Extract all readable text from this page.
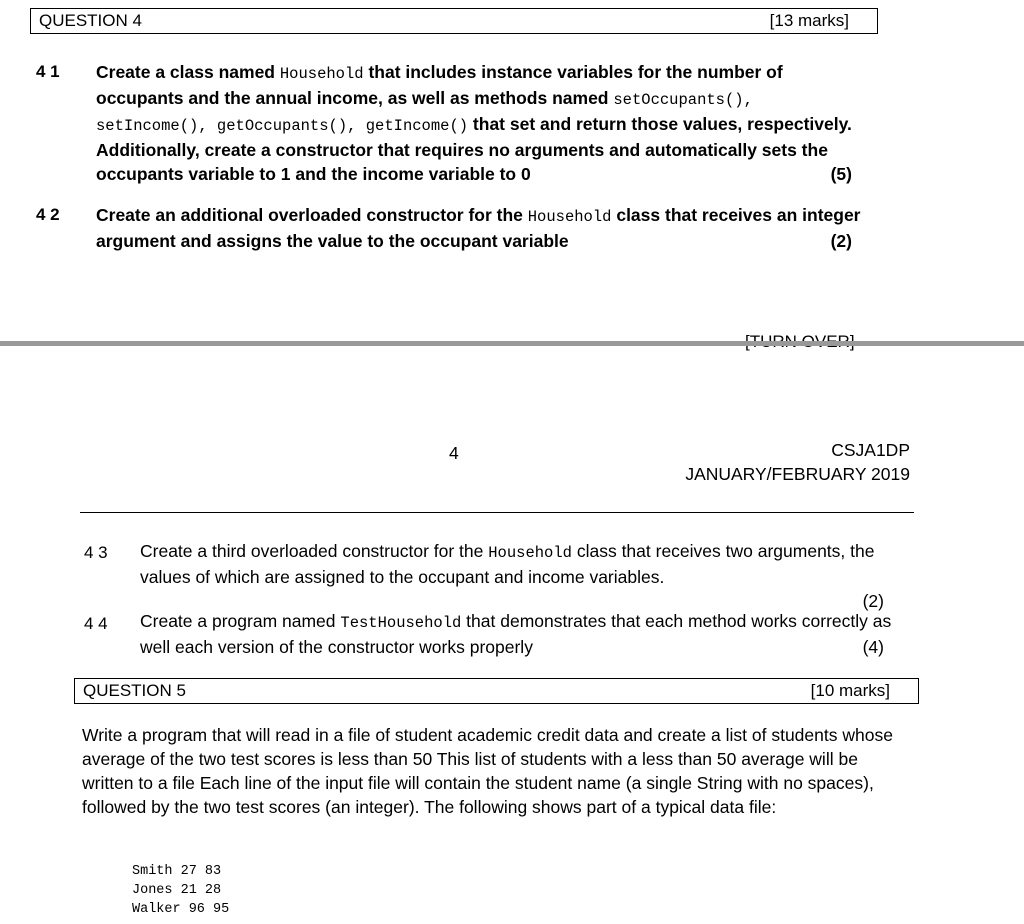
QUESTION 4	[13 marks]
4 1 Create a class named Household that includes instance variables for the number of occupants and the annual income, as well as methods named setOccupants(), setIncome(), getOccupants(), getIncome() that set and return those values, respectively. Additionally, create a constructor that requires no arguments and automatically sets the occupants variable to 1 and the income variable to 0	(5)
4 2 Create an additional overloaded constructor for the Household class that receives an integer argument and assigns the value to the occupant variable	(2)
4	CSJA1DP
JANUARY/FEBRUARY 2019
4 3 Create a third overloaded constructor for the Household class that receives two arguments, the values of which are assigned to the occupant and income variables.
(2)
4 4 Create a program named TestHousehold that demonstrates that each method works correctly as well each version of the constructor works properly	(4)
QUESTION 5	[10 marks]
Write a program that will read in a file of student academic credit data and create a list of students whose average of the two test scores is less than 50 This list of students with a less than 50 average will be written to a file Each line of the input file will contain the student name (a single String with no spaces), followed by the two test scores (an integer). The following shows part of a typical data file:
Smith 27 83
Jones 21 28
Walker 96 95
